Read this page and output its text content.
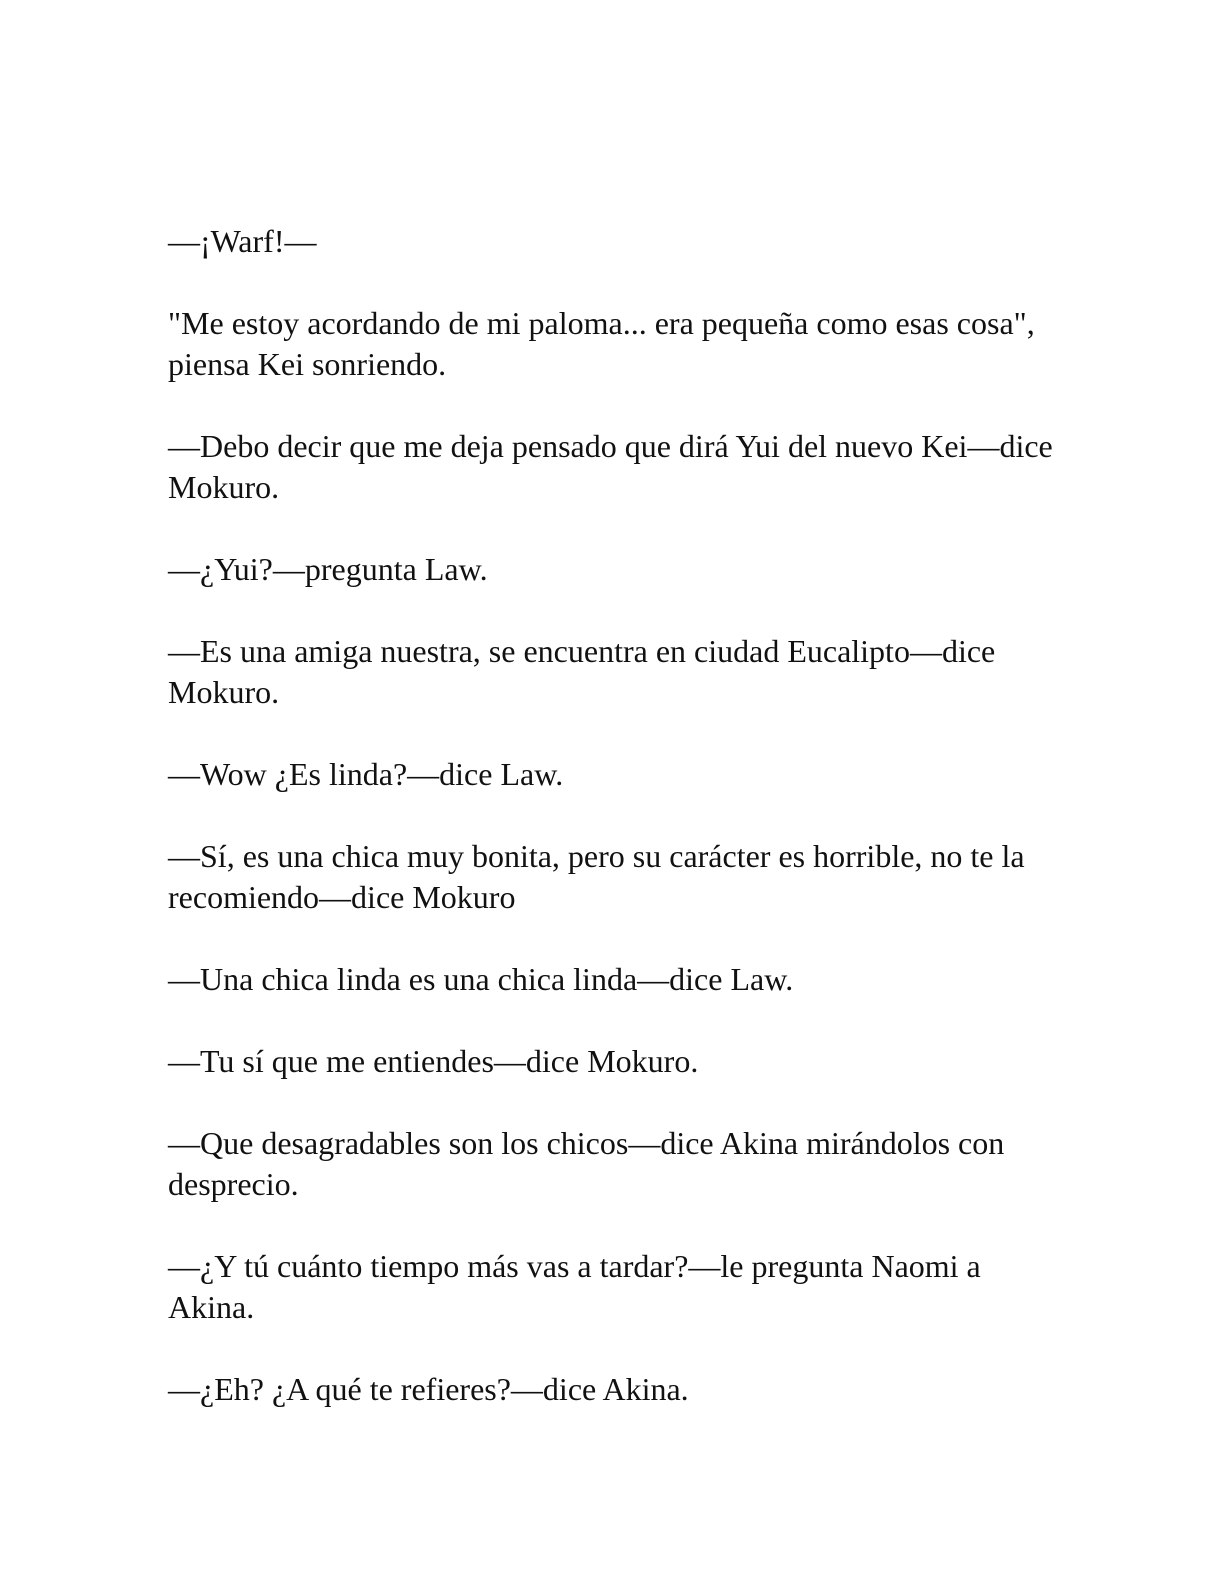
—¡Warf!—

"Me estoy acordando de mi paloma... era pequeña como esas cosa", piensa Kei sonriendo.

—Debo decir que me deja pensado que dirá Yui del nuevo Kei—dice Mokuro.

—¿Yui?—pregunta Law.

—Es una amiga nuestra, se encuentra en ciudad Eucalipto—dice Mokuro.

—Wow ¿Es linda?—dice Law.

—Sí, es una chica muy bonita, pero su carácter es horrible, no te la recomiendo—dice Mokuro

—Una chica linda es una chica linda—dice Law.

—Tu sí que me entiendes—dice Mokuro.

—Que desagradables son los chicos—dice Akina mirándolos con desprecio.

—¿Y tú cuánto tiempo más vas a tardar?—le pregunta Naomi a Akina.

—¿Eh? ¿A qué te refieres?—dice Akina.
